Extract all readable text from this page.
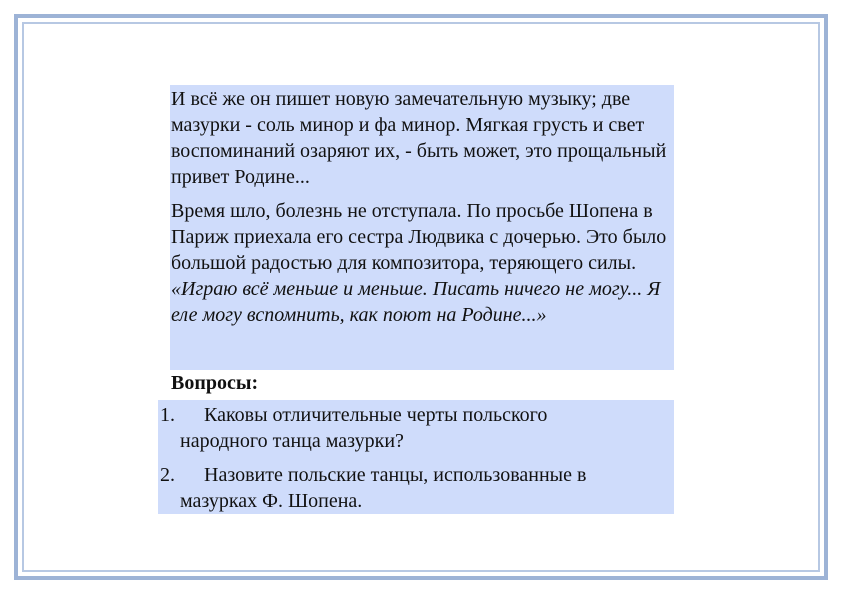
И всё же он пишет новую замечательную музыку; две мазурки - соль минор и фа минор. Мягкая грусть и свет воспоминаний озаряют их, - быть может, это прощальный привет Родине...

Время шло, болезнь не отступала. По просьбе Шопена в Париж приехала его сестра Людвика с дочерью. Это было большой радостью для композитора, теряющего силы. «Играю всё меньше и меньше. Писать ничего не могу... Я еле могу вспомнить, как поют на Родине...»

Вопросы:

1. Каковы отличительные черты польского
народного танца мазурки?
2. Назовите польские танцы, использованные в
мазурках Ф. Шопена.
